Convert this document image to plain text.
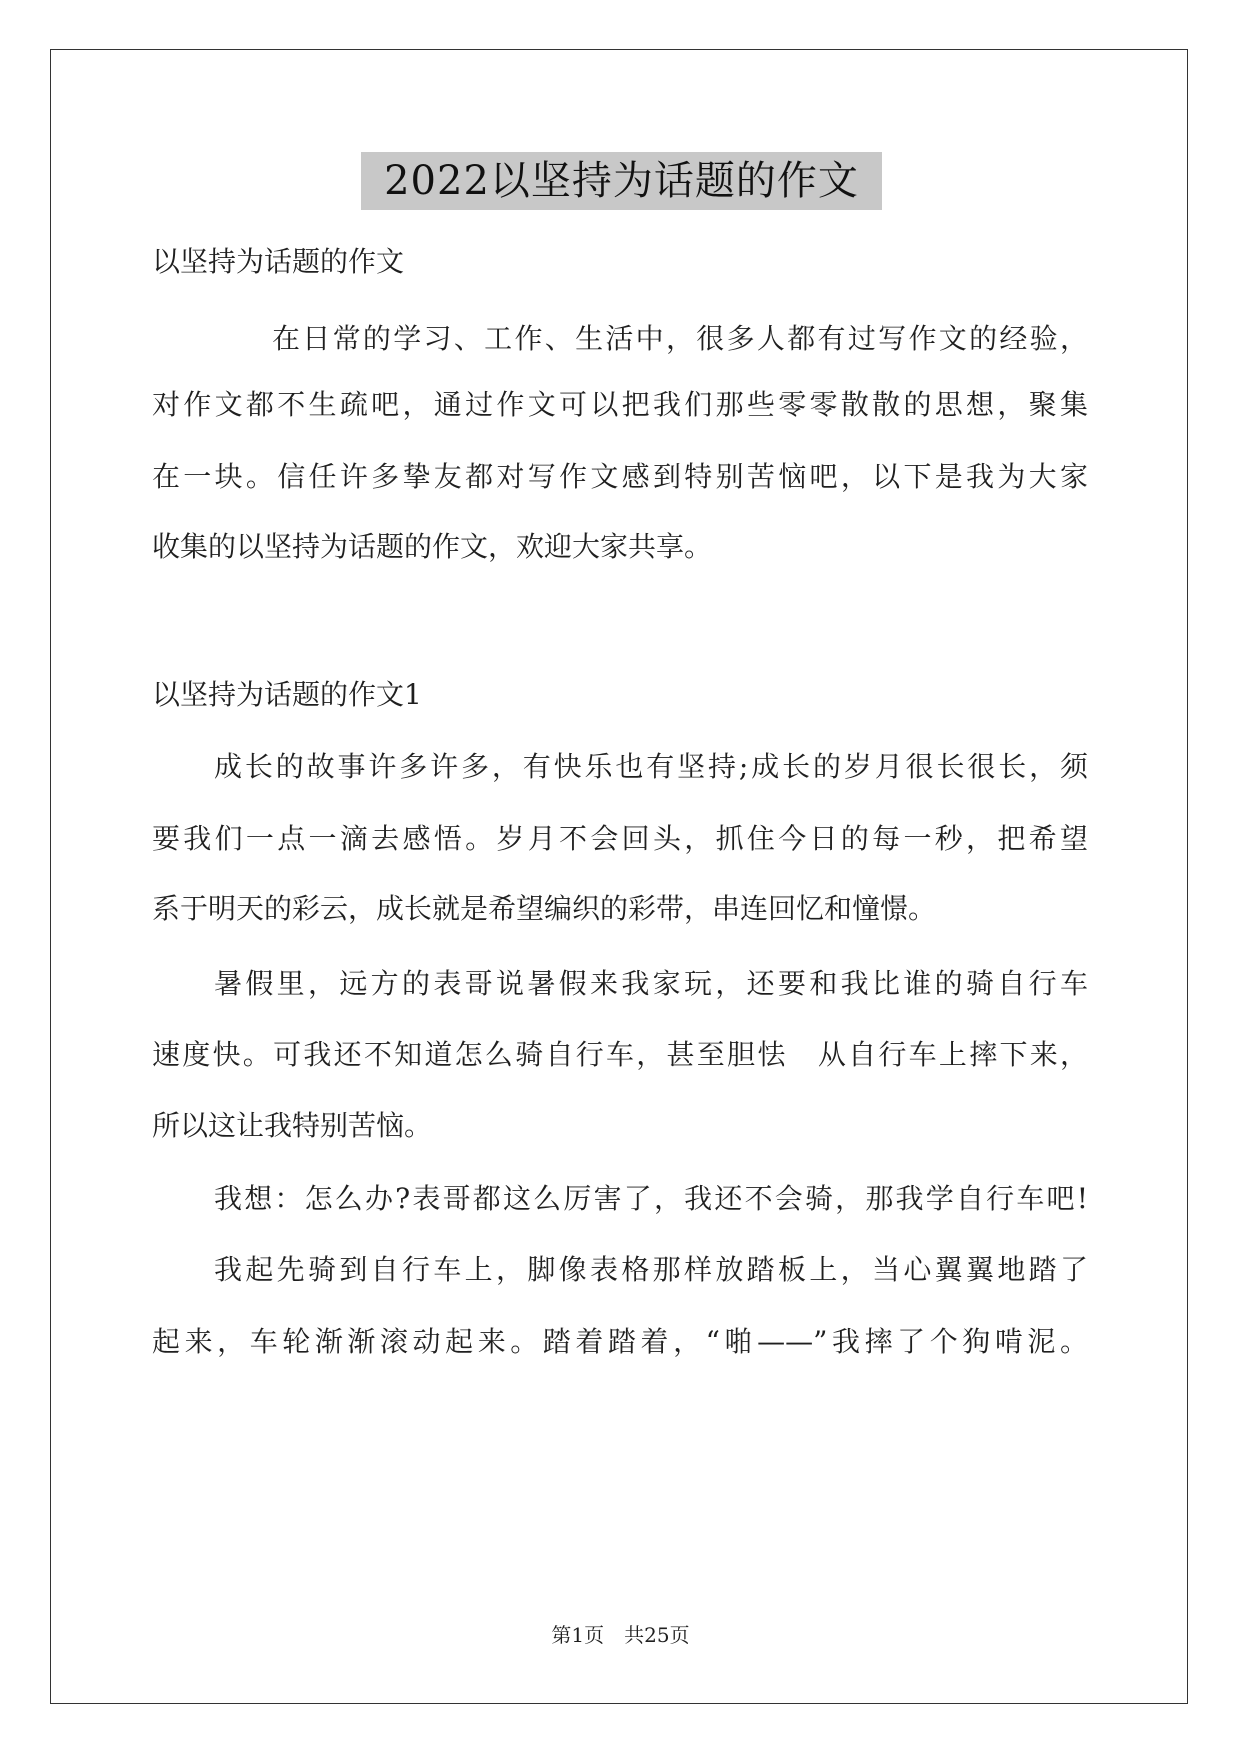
2022以坚持为话题的作文
以坚持为话题的作文
在日常的学习、工作、生活中，很多人都有过写作文的经验，
对作文都不生疏吧，通过作文可以把我们那些零零散散的思想，聚集
在一块。信任许多挚友都对写作文感到特别苦恼吧，以下是我为大家
收集的以坚持为话题的作文，欢迎大家共享。
以坚持为话题的作文1
成长的故事许多许多，有快乐也有坚持;成长的岁月很长很长，须
要我们一点一滴去感悟。岁月不会回头，抓住今日的每一秒，把希望
系于明天的彩云，成长就是希望编织的彩带，串连回忆和憧憬。
暑假里，远方的表哥说暑假来我家玩，还要和我比谁的骑自行车
速度快。可我还不知道怎么骑自行车，甚至胆怯　从自行车上摔下来，
所以这让我特别苦恼。
我想：怎么办?表哥都这么厉害了，我还不会骑，那我学自行车吧!
我起先骑到自行车上，脚像表格那样放踏板上，当心翼翼地踏了
起来，车轮渐渐滚动起来。踏着踏着，“啪——”我摔了个狗啃泥。
第1页　共25页
